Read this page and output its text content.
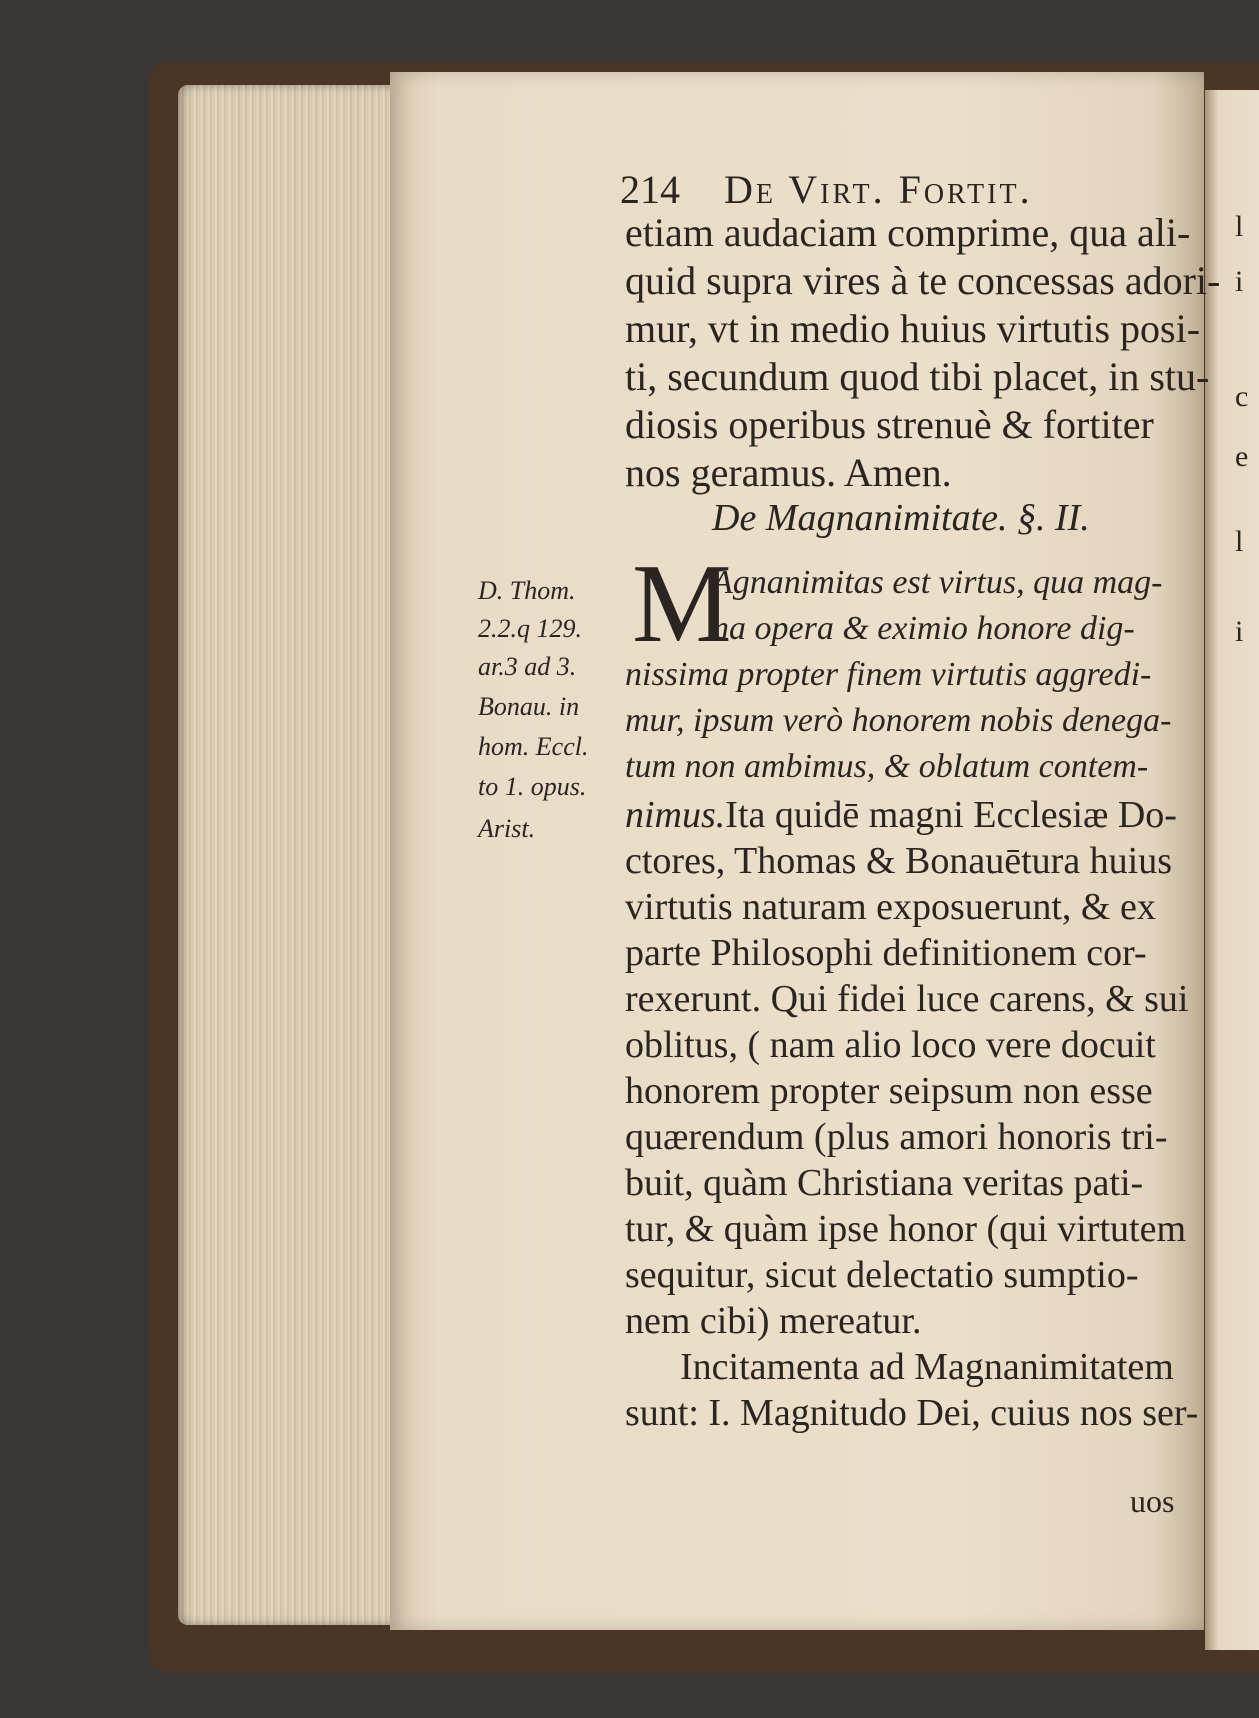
l
i
c
e
l
i
214 De Virt. Fortit.
etiam audaciam comprime, qua ali-
quid supra vires à te concessas adori-
mur, vt in medio huius virtutis posi-
ti, secundum quod tibi placet, in stu-
diosis operibus strenuè & fortiter
nos geramus. Amen.
De Magnanimitate. §. II.
M
Agnanimitas est virtus, qua mag-
na opera & eximio honore dig-
nissima propter finem virtutis aggredi-
mur, ipsum verò honorem nobis denega-
tum non ambimus, & oblatum contem-
nimus.Ita quidē magni Ecclesiæ Do-
ctores, Thomas & Bonauētura huius
virtutis naturam exposuerunt, & ex
parte Philosophi definitionem cor-
rexerunt. Qui fidei luce carens, & sui
oblitus, ( nam alio loco vere docuit
honorem propter seipsum non esse
quærendum (plus amori honoris tri-
buit, quàm Christiana veritas pati-
tur, & quàm ipse honor (qui virtutem
sequitur, sicut delectatio sumptio-
nem cibi) mereatur.
Incitamenta ad Magnanimitatem
sunt: I. Magnitudo Dei, cuius nos ser-
uos
D. Thom.
2.2.q 129.
ar.3 ad 3.
Bonau. in
hom. Eccl.
to 1. opus.
Arist.
